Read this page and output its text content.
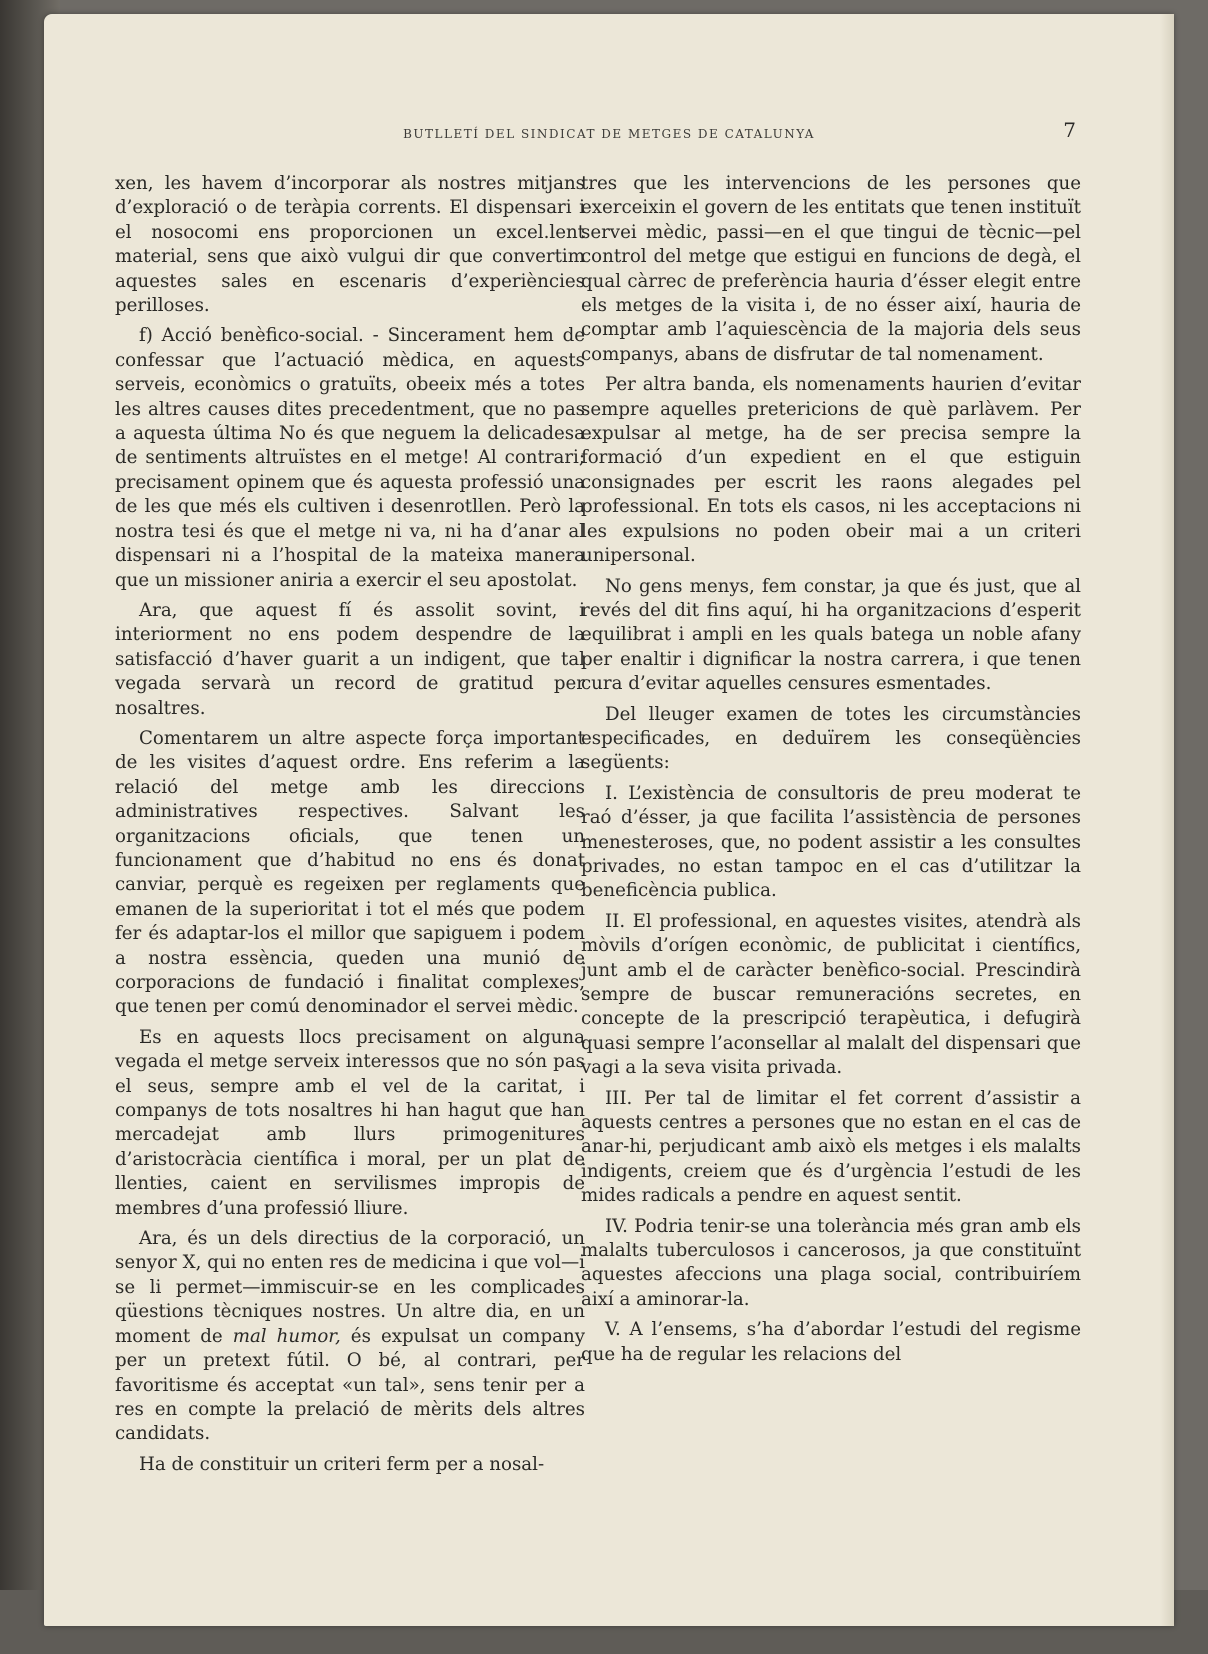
BUTLLETÍ DEL SINDICAT DE METGES DE CATALUNYA	7

xen, les havem d’incorporar als nostres mitjans d’exploració o de teràpia corrents. El dispensari i el nosocomi ens proporcionen un excel.lent material, sens que això vulgui dir que convertim aquestes sales en escenaris d’experiències perilloses.

f) Acció benèfico-social. - Sincerament hem de confessar que l’actuació mèdica, en aquests serveis, econòmics o gratuïts, obeeix més a totes les altres causes dites precedentment, que no pas a aquesta última No és que neguem la delicadesa de sentiments altruïstes en el metge! Al contrari; precisament opinem que és aquesta professió una de les que més els cultiven i desenrotllen. Però la nostra tesi és que el metge ni va, ni ha d’anar al dispensari ni a l’hospital de la mateixa manera que un missioner aniria a exercir el seu apostolat.

Ara, que aquest fí és assolit sovint, i interiorment no ens podem despendre de la satisfacció d’haver guarit a un indigent, que tal vegada servarà un record de gratitud per nosaltres.

Comentarem un altre aspecte força important de les visites d’aquest ordre. Ens referim a la relació del metge amb les direccions administratives respectives. Salvant les organitzacions oficials, que tenen un funcionament que d’habitud no ens és donat canviar, perquè es regeixen per reglaments que emanen de la superioritat i tot el més que podem fer és adaptar-los el millor que sapiguem i podem a nostra essència, queden una munió de corporacions de fundació i finalitat complexes, que tenen per comú denominador el servei mèdic.

Es en aquests llocs precisament on alguna vegada el metge serveix interessos que no són pas el seus, sempre amb el vel de la caritat, i companys de tots nosaltres hi han hagut que han mercadejat amb llurs primogenitures d’aristocràcia científica i moral, per un plat de llenties, caient en servilismes impropis de membres d’una professió lliure.

Ara, és un dels directius de la corporació, un senyor X, qui no enten res de medicina i que vol—i se li permet—immiscuir-se en les complicades qüestions tècniques nostres. Un altre dia, en un moment de mal humor, és expulsat un company per un pretext fútil. O bé, al contrari, per favoritisme és acceptat «un tal», sens tenir per a res en compte la prelació de mèrits dels altres candidats.

Ha de constituir un criteri ferm per a nosal-

tres que les intervencions de les persones que exerceixin el govern de les entitats que tenen instituït servei mèdic, passi—en el que tingui de tècnic—pel control del metge que estigui en funcions de degà, el qual càrrec de preferència hauria d’ésser elegit entre els metges de la visita i, de no ésser així, hauria de comptar amb l’aquiescència de la majoria dels seus companys, abans de disfrutar de tal nomenament.

Per altra banda, els nomenaments haurien d’evitar sempre aquelles pretericions de què parlàvem. Per expulsar al metge, ha de ser precisa sempre la formació d’un expedient en el que estiguin consignades per escrit les raons alegades pel professional. En tots els casos, ni les acceptacions ni les expulsions no poden obeir mai a un criteri unipersonal.

No gens menys, fem constar, ja que és just, que al revés del dit fins aquí, hi ha organitzacions d’esperit equilibrat i ampli en les quals batega un noble afany per enaltir i dignificar la nostra carrera, i que tenen cura d’evitar aquelles censures esmentades.

Del lleuger examen de totes les circumstàncies especificades, en deduïrem les conseqüències següents:

I. L’existència de consultoris de preu moderat te raó d’ésser, ja que facilita l’assistència de persones menesteroses, que, no podent assistir a les consultes privades, no estan tampoc en el cas d’utilitzar la beneficència publica.

II. El professional, en aquestes visites, atendrà als mòvils d’orígen econòmic, de publicitat i científics, junt amb el de caràcter benèfico-social. Prescindirà sempre de buscar remuneracións secretes, en concepte de la prescripció terapèutica, i defugirà quasi sempre l’aconsellar al malalt del dispensari que vagi a la seva visita privada.

III. Per tal de limitar el fet corrent d’assistir a aquests centres a persones que no estan en el cas de anar-hi, perjudicant amb això els metges i els malalts indigents, creiem que és d’urgència l’estudi de les mides radicals a pendre en aquest sentit.

IV. Podria tenir-se una tolerància més gran amb els malalts tuberculosos i cancerosos, ja que constituïnt aquestes afeccions una plaga social, contribuiríem així a aminorar-la.

V. A l’ensems, s’ha d’abordar l’estudi del regisme que ha de regular les relacions del
